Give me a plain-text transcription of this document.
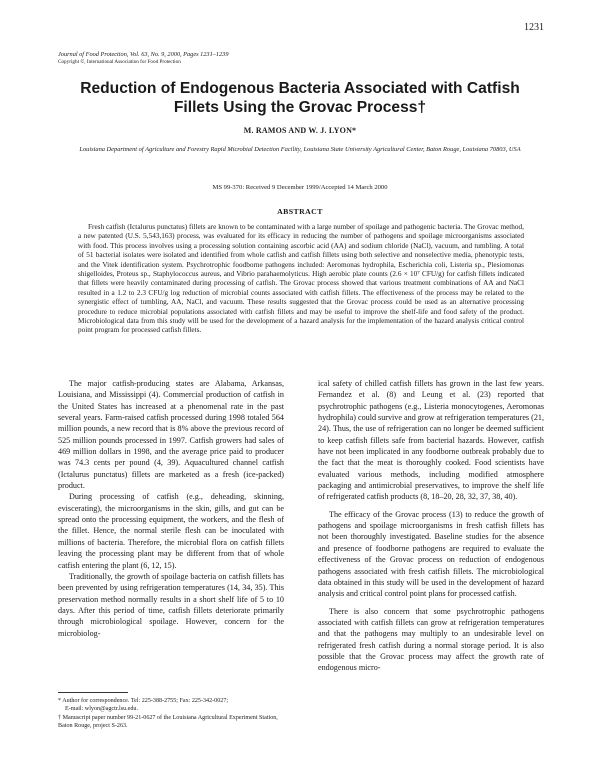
1231
Journal of Food Protection, Vol. 63, No. 9, 2000, Pages 1231–1239
Copyright ©, International Association for Food Protection
Reduction of Endogenous Bacteria Associated with Catfish Fillets Using the Grovac Process†
M. RAMOS AND W. J. LYON*
Louisiana Department of Agriculture and Forestry Rapid Microbial Detection Facility, Louisiana State University Agricultural Center, Baton Rouge, Louisiana 70803, USA
MS 99-370: Received 9 December 1999/Accepted 14 March 2000
ABSTRACT

Fresh catfish (Ictalurus punctatus) fillets are known to be contaminated with a large number of spoilage and pathogenic bacteria. The Grovac method, a new patented (U.S. 5,543,163) process, was evaluated for its efficacy in reducing the number of pathogens and spoilage microorganisms associated with food. This process involves using a processing solution containing ascorbic acid (AA) and sodium chloride (NaCl), vacuum, and tumbling. A total of 51 bacterial isolates were isolated and identified from whole catfish and catfish fillets using both selective and nonselective media, phenotypic tests, and the Vitek identification system. Psychrotrophic foodborne pathogens included: Aeromonas hydrophila, Escherichia coli, Listeria sp., Plesiomonas shigelloides, Proteus sp., Staphylococcus aureus, and Vibrio parahaemolyticus. High aerobic plate counts (2.6 × 10⁷ CFU/g) for catfish fillets indicated that fillets were heavily contaminated during processing of catfish. The Grovac process showed that various treatment combinations of AA and NaCl resulted in a 1.2 to 2.3 CFU/g log reduction of microbial counts associated with catfish fillets. The effectiveness of the process may be related to the synergistic effect of tumbling, AA, NaCl, and vacuum. These results suggested that the Grovac process could be used as an alternative processing procedure to reduce microbial populations associated with catfish fillets and may be useful to improve the shelf-life and food safety of the product. Microbiological data from this study will be used for the development of a hazard analysis for the implementation of the hazard analysis critical control point program for processed catfish fillets.

The major catfish-producing states are Alabama, Arkansas, Louisiana, and Mississippi (4). Commercial production of catfish in the United States has increased at a phenomenal rate in the past several years. Farm-raised catfish processed during 1998 totaled 564 million pounds, a new record that is 8% above the previous record of 525 million pounds processed in 1997. Catfish growers had sales of 469 million dollars in 1998, and the average price paid to producer was 74.3 cents per pound (4, 39). Aquacultured channel catfish (Ictalurus punctatus) fillets are marketed as a fresh (ice-packed) product.

During processing of catfish (e.g., deheading, skinning, eviscerating), the microorganisms in the skin, gills, and gut can be spread onto the processing equipment, the workers, and the flesh of the fillet. Hence, the normal sterile flesh can be inoculated with millions of bacteria. Therefore, the microbial flora on catfish fillets leaving the processing plant may be different from that of whole catfish entering the plant (6, 12, 15).

Traditionally, the growth of spoilage bacteria on catfish fillets has been prevented by using refrigeration temperatures (14, 34, 35). This preservation method normally results in a short shelf life of 5 to 10 days. After this period of time, catfish fillets deteriorate primarily through microbiological spoilage. However, concern for the microbiolog-

ical safety of chilled catfish fillets has grown in the last few years. Fernandez et al. (8) and Leung et al. (23) reported that psychrotrophic pathogens (e.g., Listeria monocytogenes, Aeromonas hydrophila) could survive and grow at refrigeration temperatures (21, 24). Thus, the use of refrigeration can no longer be deemed sufficient to keep catfish fillets safe from bacterial hazards. However, catfish have not been implicated in any foodborne outbreak probably due to the fact that the meat is thoroughly cooked. Food scientists have evaluated various methods, including modified atmosphere packaging and antimicrobial preservatives, to improve the shelf life of refrigerated catfish products (8, 18–20, 28, 32, 37, 38, 40).

The efficacy of the Grovac process (13) to reduce the growth of pathogens and spoilage microorganisms in fresh catfish fillets has not been thoroughly investigated. Baseline studies for the absence and presence of foodborne pathogens are required to evaluate the effectiveness of the Grovac process on reduction of endogenous pathogens associated with fresh catfish fillets. The microbiological data obtained in this study will be used in the development of hazard analysis and critical control point plans for processed catfish.

There is also concern that some psychrotrophic pathogens associated with catfish fillets can grow at refrigeration temperatures and that the pathogens may multiply to an undesirable level on refrigerated fresh catfish during a normal storage period. It is also possible that the Grovac process may affect the growth rate of endogenous micro-

* Author for correspondence. Tel: 225-388-2755; Fax: 225-342-0027;

E-mail: wlyon@agctr.lsu.edu.

† Manuscript paper number 99-21-0627 of the Louisiana Agricultural Experiment Station, Baton Rouge, project S-263.
